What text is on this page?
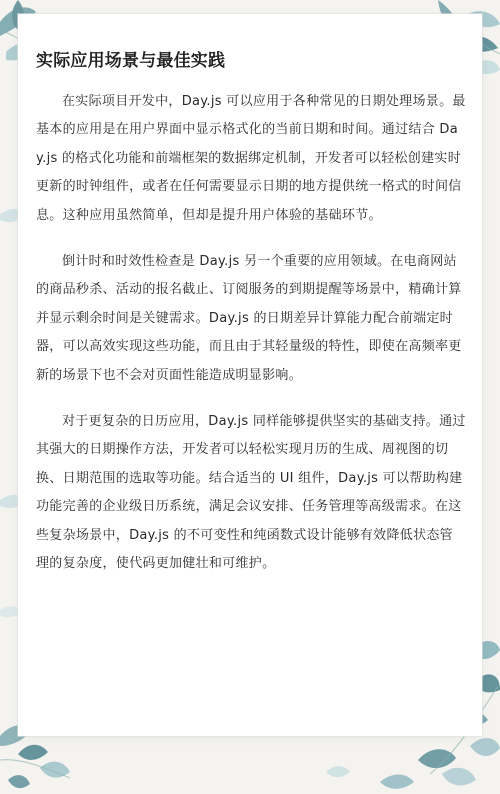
实际应用场景与最佳实践

在实际项目开发中，Day.js 可以应用于各种常见的日期处理场景。最基本的应用是在用户界面中显示格式化的当前日期和时间。通过结合 Day.js 的格式化功能和前端框架的数据绑定机制，开发者可以轻松创建实时更新的时钟组件，或者在任何需要显示日期的地方提供统一格式的时间信息。这种应用虽然简单，但却是提升用户体验的基础环节。

倒计时和时效性检查是 Day.js 另一个重要的应用领域。在电商网站的商品秒杀、活动的报名截止、订阅服务的到期提醒等场景中，精确计算并显示剩余时间是关键需求。Day.js 的日期差异计算能力配合前端定时器，可以高效实现这些功能，而且由于其轻量级的特性，即使在高频率更新的场景下也不会对页面性能造成明显影响。

对于更复杂的日历应用，Day.js 同样能够提供坚实的基础支持。通过其强大的日期操作方法，开发者可以轻松实现月历的生成、周视图的切换、日期范围的选取等功能。结合适当的 UI 组件，Day.js 可以帮助构建功能完善的企业级日历系统，满足会议安排、任务管理等高级需求。在这些复杂场景中，Day.js 的不可变性和纯函数式设计能够有效降低状态管理的复杂度，使代码更加健壮和可维护。
